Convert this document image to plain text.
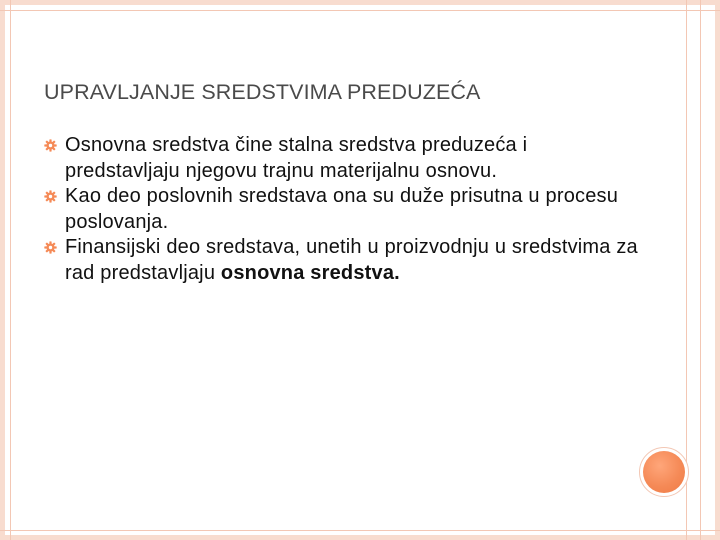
UPRAVLJANJE SREDSTVIMA PREDUZEĆA
Osnovna sredstva čine stalna sredstva preduzeća i predstavljaju njegovu trajnu materijalnu osnovu.
Kao deo poslovnih sredstava ona su duže prisutna u procesu poslovanja.
Finansijski deo sredstava, unetih u proizvodnju u sredstvima za rad predstavljaju osnovna sredstva.
